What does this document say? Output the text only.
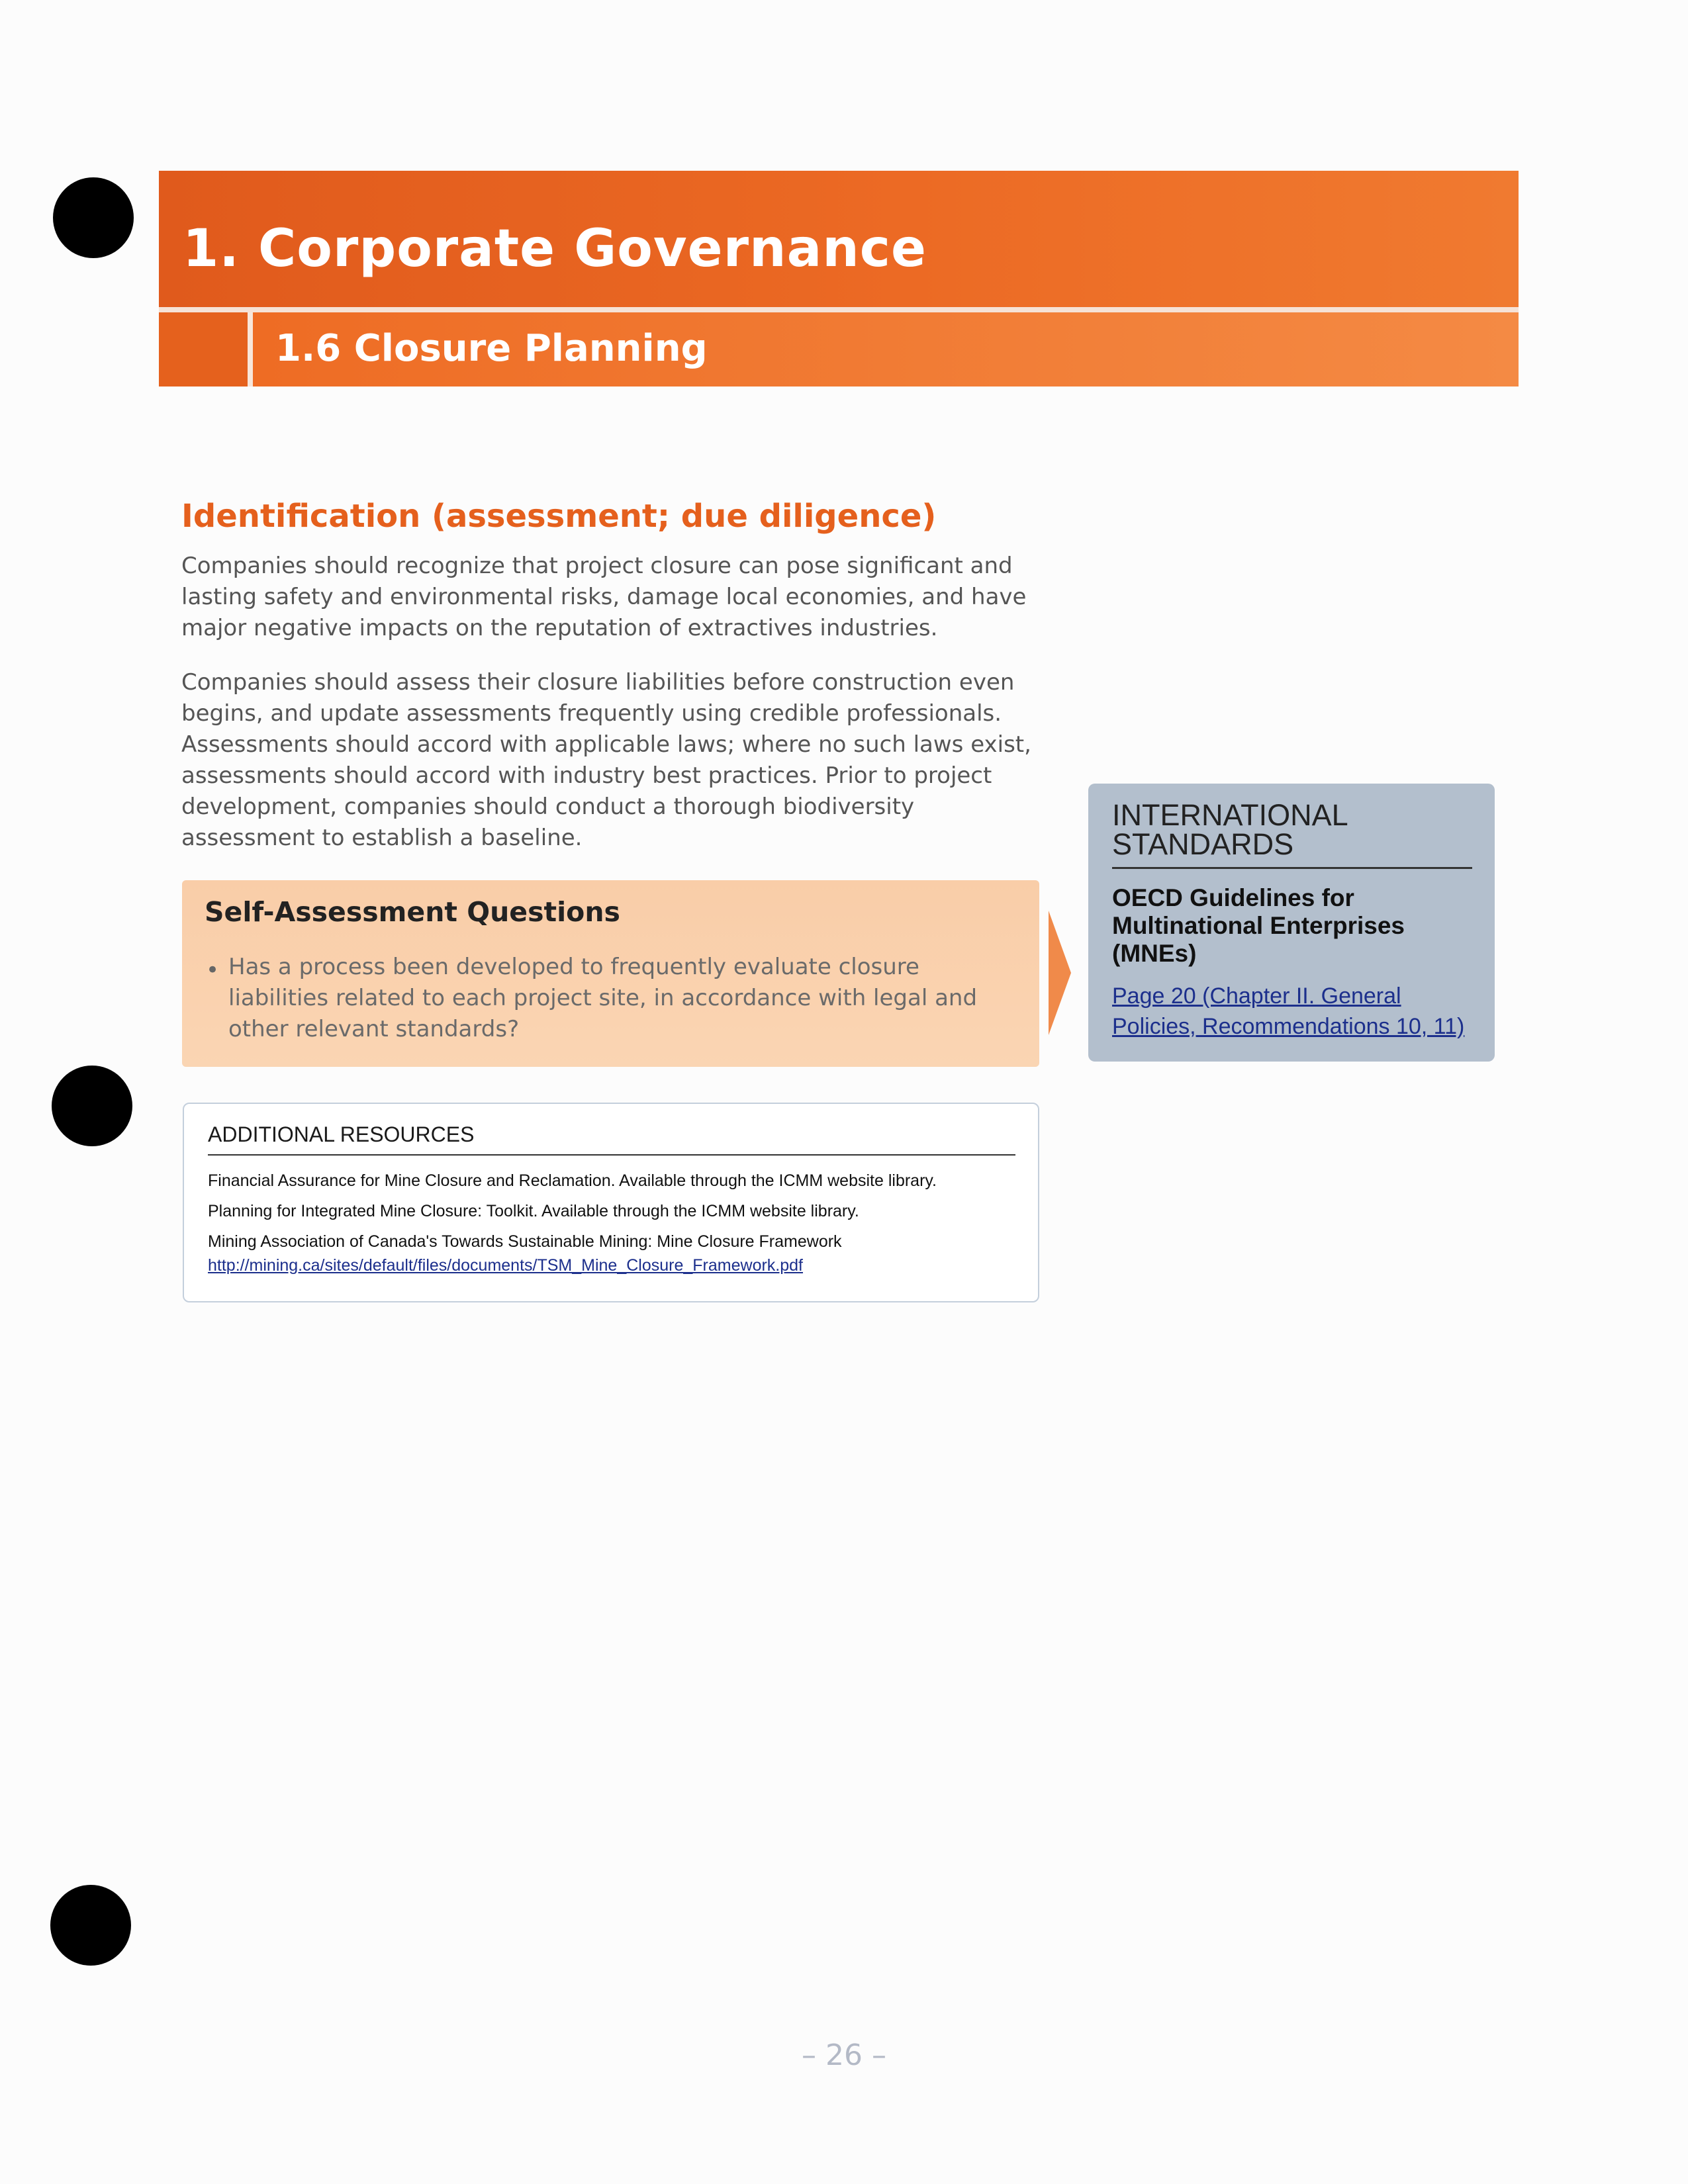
1. Corporate Governance
1.6 Closure Planning
Identification (assessment; due diligence)

Companies should recognize that project closure can pose significant and lasting safety and environmental risks, damage local economies, and have major negative impacts on the reputation of extractives industries.

Companies should assess their closure liabilities before construction even begins, and update assessments frequently using credible professionals. Assessments should accord with applicable laws; where no such laws exist, assessments should accord with industry best practices. Prior to project development, companies should conduct a thorough biodiversity assessment to establish a baseline.

Self-Assessment Questions
• Has a process been developed to frequently evaluate closure liabilities related to each project site, in accordance with legal and other relevant standards?
INTERNATIONAL STANDARDS
OECD Guidelines for Multinational Enterprises (MNEs)
Page 20 (Chapter II. General Policies, Recommendations 10, 11)
ADDITIONAL RESOURCES
Financial Assurance for Mine Closure and Reclamation. Available through the ICMM website library.
Planning for Integrated Mine Closure: Toolkit. Available through the ICMM website library.
Mining Association of Canada's Towards Sustainable Mining: Mine Closure Framework
http://mining.ca/sites/default/files/documents/TSM_Mine_Closure_Framework.pdf
– 26 –
